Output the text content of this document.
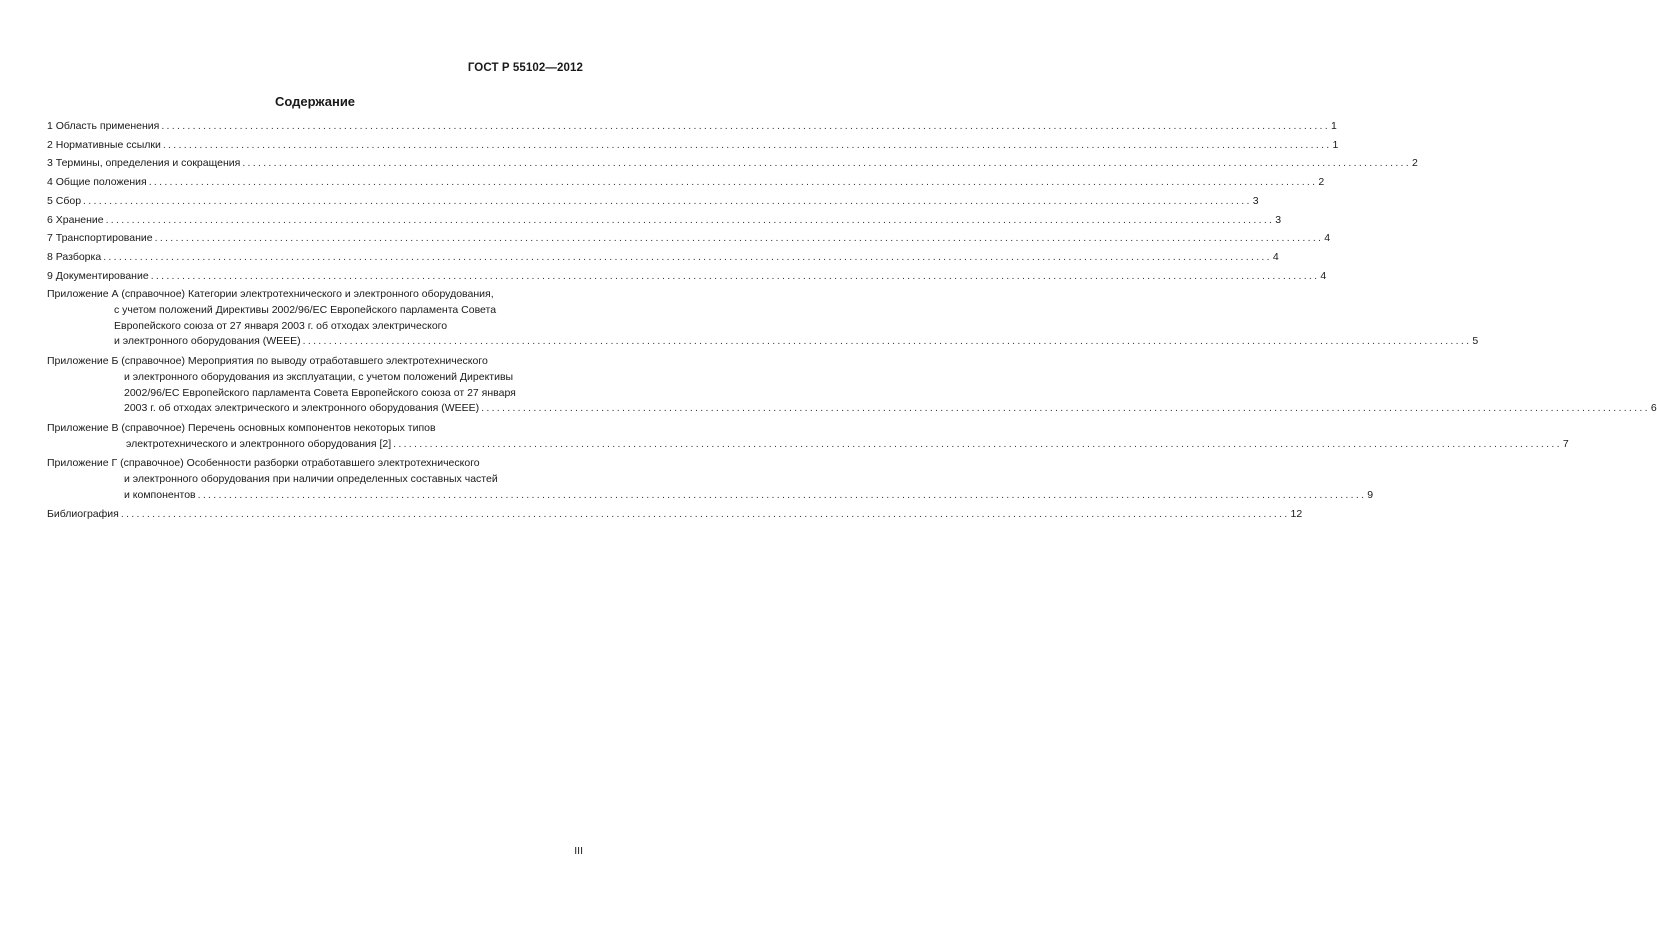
ГОСТ Р 55102—2012
Содержание
1 Область применения ................................................................................................................................................................................................................................ 1
2 Нормативные ссылки ................................................................................................................................................................................................................................ 1
3 Термины, определения и сокращения ................................................................................................................................................................................................................................ 2
4 Общие положения ................................................................................................................................................................................................................................ 2
5 Сбор ................................................................................................................................................................................................................................ 3
6 Хранение ................................................................................................................................................................................................................................ 3
7 Транспортирование ................................................................................................................................................................................................................................ 4
8 Разборка ................................................................................................................................................................................................................................ 4
9 Документирование ................................................................................................................................................................................................................................ 4
Приложение А (справочное) Категории электротехнического и электронного оборудования,
с учетом положений Директивы 2002/96/ЕС Европейского парламента Совета
Европейского союза от 27 января 2003 г. об отходах электрического
и электронного оборудования (WEEE) ................................................................................................................................................................................................................................ 5
Приложение Б (справочное) Мероприятия по выводу отработавшего электротехнического
и электронного оборудования из эксплуатации, с учетом положений Директивы
2002/96/ЕС Европейского парламента Совета Европейского союза от 27 января
2003 г. об отходах электрического и электронного оборудования (WEEE) ................................................................................................................................................................................................................................ 6
Приложение В (справочное) Перечень основных компонентов некоторых типов
электротехнического и электронного оборудования [2] ................................................................................................................................................................................................................................ 7
Приложение Г (справочное) Особенности разборки отработавшего электротехнического
и электронного оборудования при наличии определенных составных частей
и компонентов ................................................................................................................................................................................................................................ 9
Библиография ................................................................................................................................................................................................................................ 12
III
